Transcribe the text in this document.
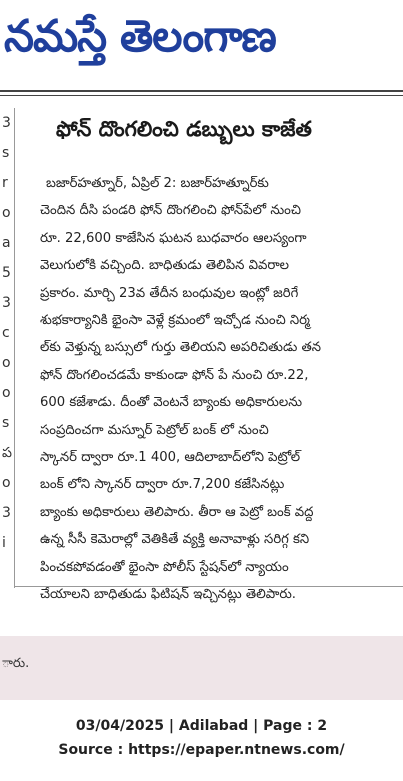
నమస్తే తెలంగాణ
3
s
r
o
a
5
3
c
o
o
s
ప
o
3
i
ఫోన్ దొంగలించి డబ్బులు కాజేత
బజార్‌హత్నూర్, ఏప్రిల్ 2: బజార్‌హత్నూర్‌కు
చెందిన దీసి పండరి ఫోన్ దొంగలించి ఫోన్‌పేలో నుంచి
రూ. 22,600 కాజేసిన ఘటన బుధవారం ఆలస్యంగా
వెలుగులోకి వచ్చింది. బాధితుడు తెలిపిన వివరాల
ప్రకారం. మార్చి 23వ తేదీన బంధువుల ఇంట్లో జరిగే
శుభకార్యానికి భైంసా వెళ్లే క్రమంలో ఇచ్చోడ నుంచి నిర్మ
ల్‌కు వెళ్తున్న బస్సులో గుర్తు తెలియని అపరిచితుడు తన
ఫోన్ దొంగలించడమే కాకుండా ఫోన్ పే నుంచి రూ.22,
600 కజేశాడు. దీంతో వెంటనే బ్యాంకు అధికారులను
సంప్రదించగా మస్నూర్ పెట్రోల్ బంక్ లో నుంచి
స్కానర్ ద్వారా రూ.1 400, ఆదిలాబాద్‌లోని పెట్రోల్
బంక్ లోని స్కానర్ ద్వారా రూ.7,200 కజేసినట్లు
బ్యాంకు అధికారులు తెలిపారు. తీరా ఆ పెట్రో బంక్ వద్ద
ఉన్న సీసీ కెమెరాల్లో వెతికితే వ్యక్తి అనావాళ్లు సరిగ్గ కని
పించకపోవడంతో భైంసా పోలీస్ స్టేషన్‌లో న్యాయం
చేయాలని బాధితుడు ఫిటిషన్ ఇచ్చినట్లు తెలిపారు.
ారు.
03/04/2025 | Adilabad | Page : 2
Source : https://epaper.ntnews.com/
